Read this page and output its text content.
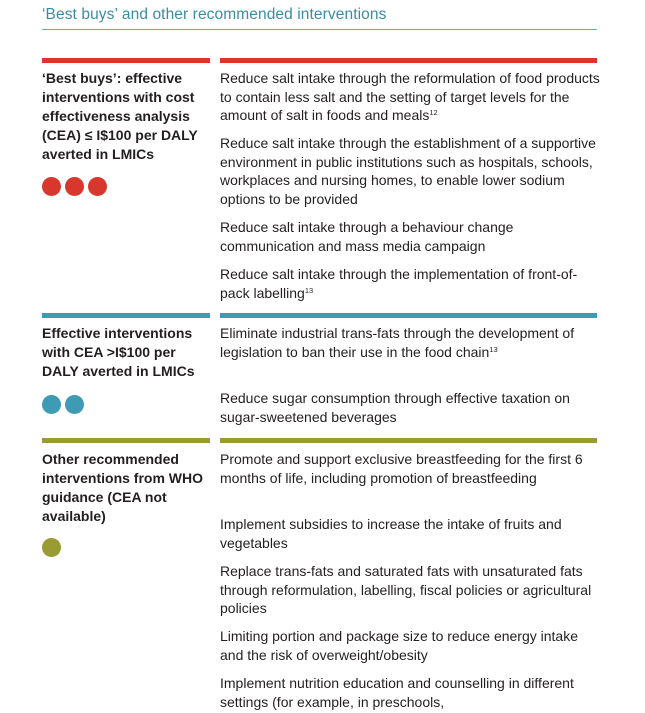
‘Best buys’ and other recommended interventions
‘Best buys’: effective interventions with cost effectiveness analysis (CEA) ≤ I$100 per DALY averted in LMICs
Reduce salt intake through the reformulation of food products to contain less salt and the setting of target levels for the amount of salt in foods and meals$^{12}$
Reduce salt intake through the establishment of a supportive environment in public institutions such as hospitals, schools, workplaces and nursing homes, to enable lower sodium options to be provided
Reduce salt intake through a behaviour change communication and mass media campaign
Reduce salt intake through the implementation of front-of-pack labelling$^{13}$
Effective interventions with CEA >I$100 per DALY averted in LMICs
Eliminate industrial trans-fats through the development of legislation to ban their use in the food chain$^{13}$
Reduce sugar consumption through effective taxation on sugar-sweetened beverages
Other recommended interventions from WHO guidance (CEA not available)
Promote and support exclusive breastfeeding for the first 6 months of life, including promotion of breastfeeding
Implement subsidies to increase the intake of fruits and vegetables
Replace trans-fats and saturated fats with unsaturated fats through reformulation, labelling, fiscal policies or agricultural policies
Limiting portion and package size to reduce energy intake and the risk of overweight/obesity
Implement nutrition education and counselling in different settings (for example, in preschools,
